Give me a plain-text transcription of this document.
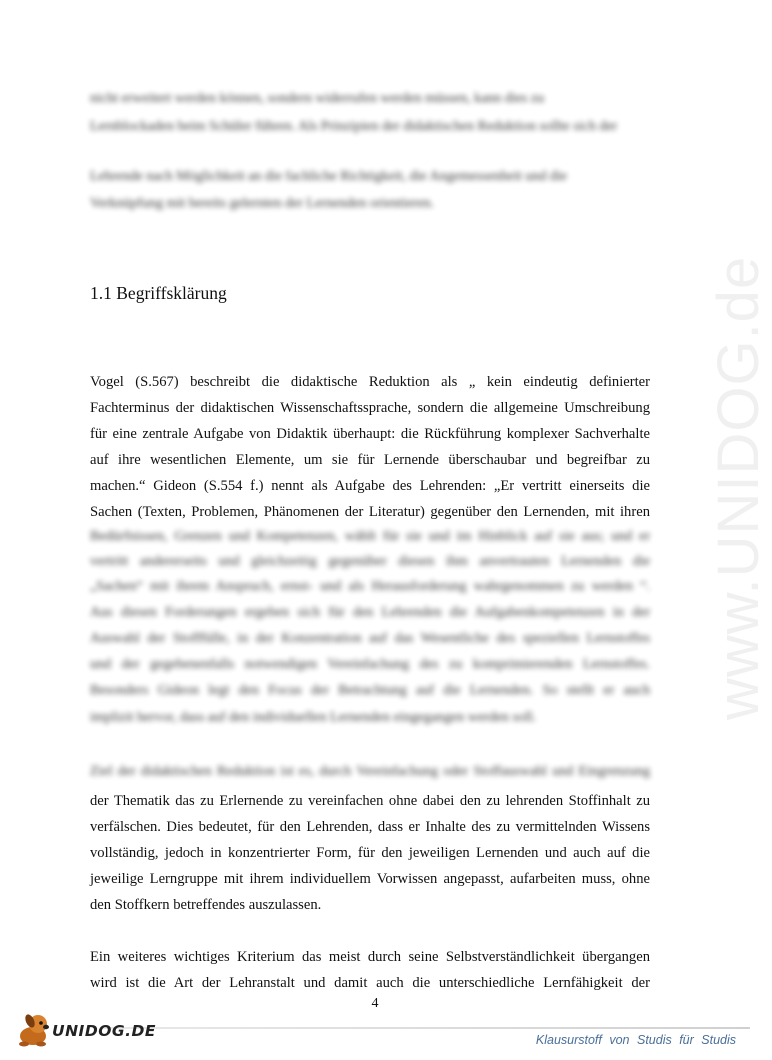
www.UNIDOG.de
nicht erweitert werden können, sondern widerrufen werden müssen, kann dies zu
Lernblockaden beim Schüler führen. Als Prinzipien der didaktischen Reduktion sollte sich der
Lehrende nach Möglichkeit an die fachliche Richtigkeit, die Angemessenheit und die
Verknüpfung mit bereits gelernten der Lernenden orientieren.
1.1 Begriffsklärung
Vogel (S.567) beschreibt die didaktische Reduktion als „ kein eindeutig definierter
Fachterminus der didaktischen Wissenschaftssprache, sondern die allgemeine Umschreibung
für eine zentrale Aufgabe von Didaktik überhaupt: die Rückführung komplexer Sachverhalte
auf ihre wesentlichen Elemente, um sie für Lernende überschaubar und begreifbar zu
machen.“ Gideon (S.554 f.) nennt als Aufgabe des Lehrenden: „Er vertritt einerseits die
Sachen (Texten, Problemen, Phänomenen der Literatur) gegenüber den Lernenden, mit ihren
Bedürfnissen, Grenzen und Kompetenzen, wählt für sie und im Hinblick auf sie aus; und er
vertritt andererseits und gleichzeitig gegenüber diesen ihm anvertrauten Lernenden die
„Sachen“ mit ihrem Anspruch, ernst- und als Herausforderung wahrgenommen zu werden “.
Aus diesen Forderungen ergeben sich für den Lehrenden die Aufgabenkompetenzen in der
Auswahl der Stofffülle, in der Konzentration auf das Wesentliche des speziellen Lernstoffes
und der gegebenenfalls notwendigen Vereinfachung des zu komprimierenden Lernstoffes.
Besonders Gideon legt den Focus der Betrachtung auf die Lernenden. So stellt er auch
implizit hervor, dass auf den individuellen Lernenden eingegangen werden soll.
Ziel der didaktischen Reduktion ist es, durch Vereinfachung oder Stoffauswahl und Eingrenzung
der Thematik das zu Erlernende zu vereinfachen ohne dabei den zu lehrenden Stoffinhalt zu
verfälschen. Dies bedeutet, für den Lehrenden, dass er Inhalte des zu vermittelnden Wissens
vollständig, jedoch in konzentrierter Form, für den jeweiligen Lernenden und auch auf die
jeweilige Lerngruppe mit ihrem individuellem Vorwissen angepasst, aufarbeiten muss, ohne
den Stoffkern betreffendes auszulassen.
Ein weiteres wichtiges Kriterium das meist durch seine Selbstverständlichkeit übergangen
wird ist die Art der Lehranstalt und damit auch die unterschiedliche Lernfähigkeit der
4
UNIDOG.DE	Klausurstoff von Studis für Studis
